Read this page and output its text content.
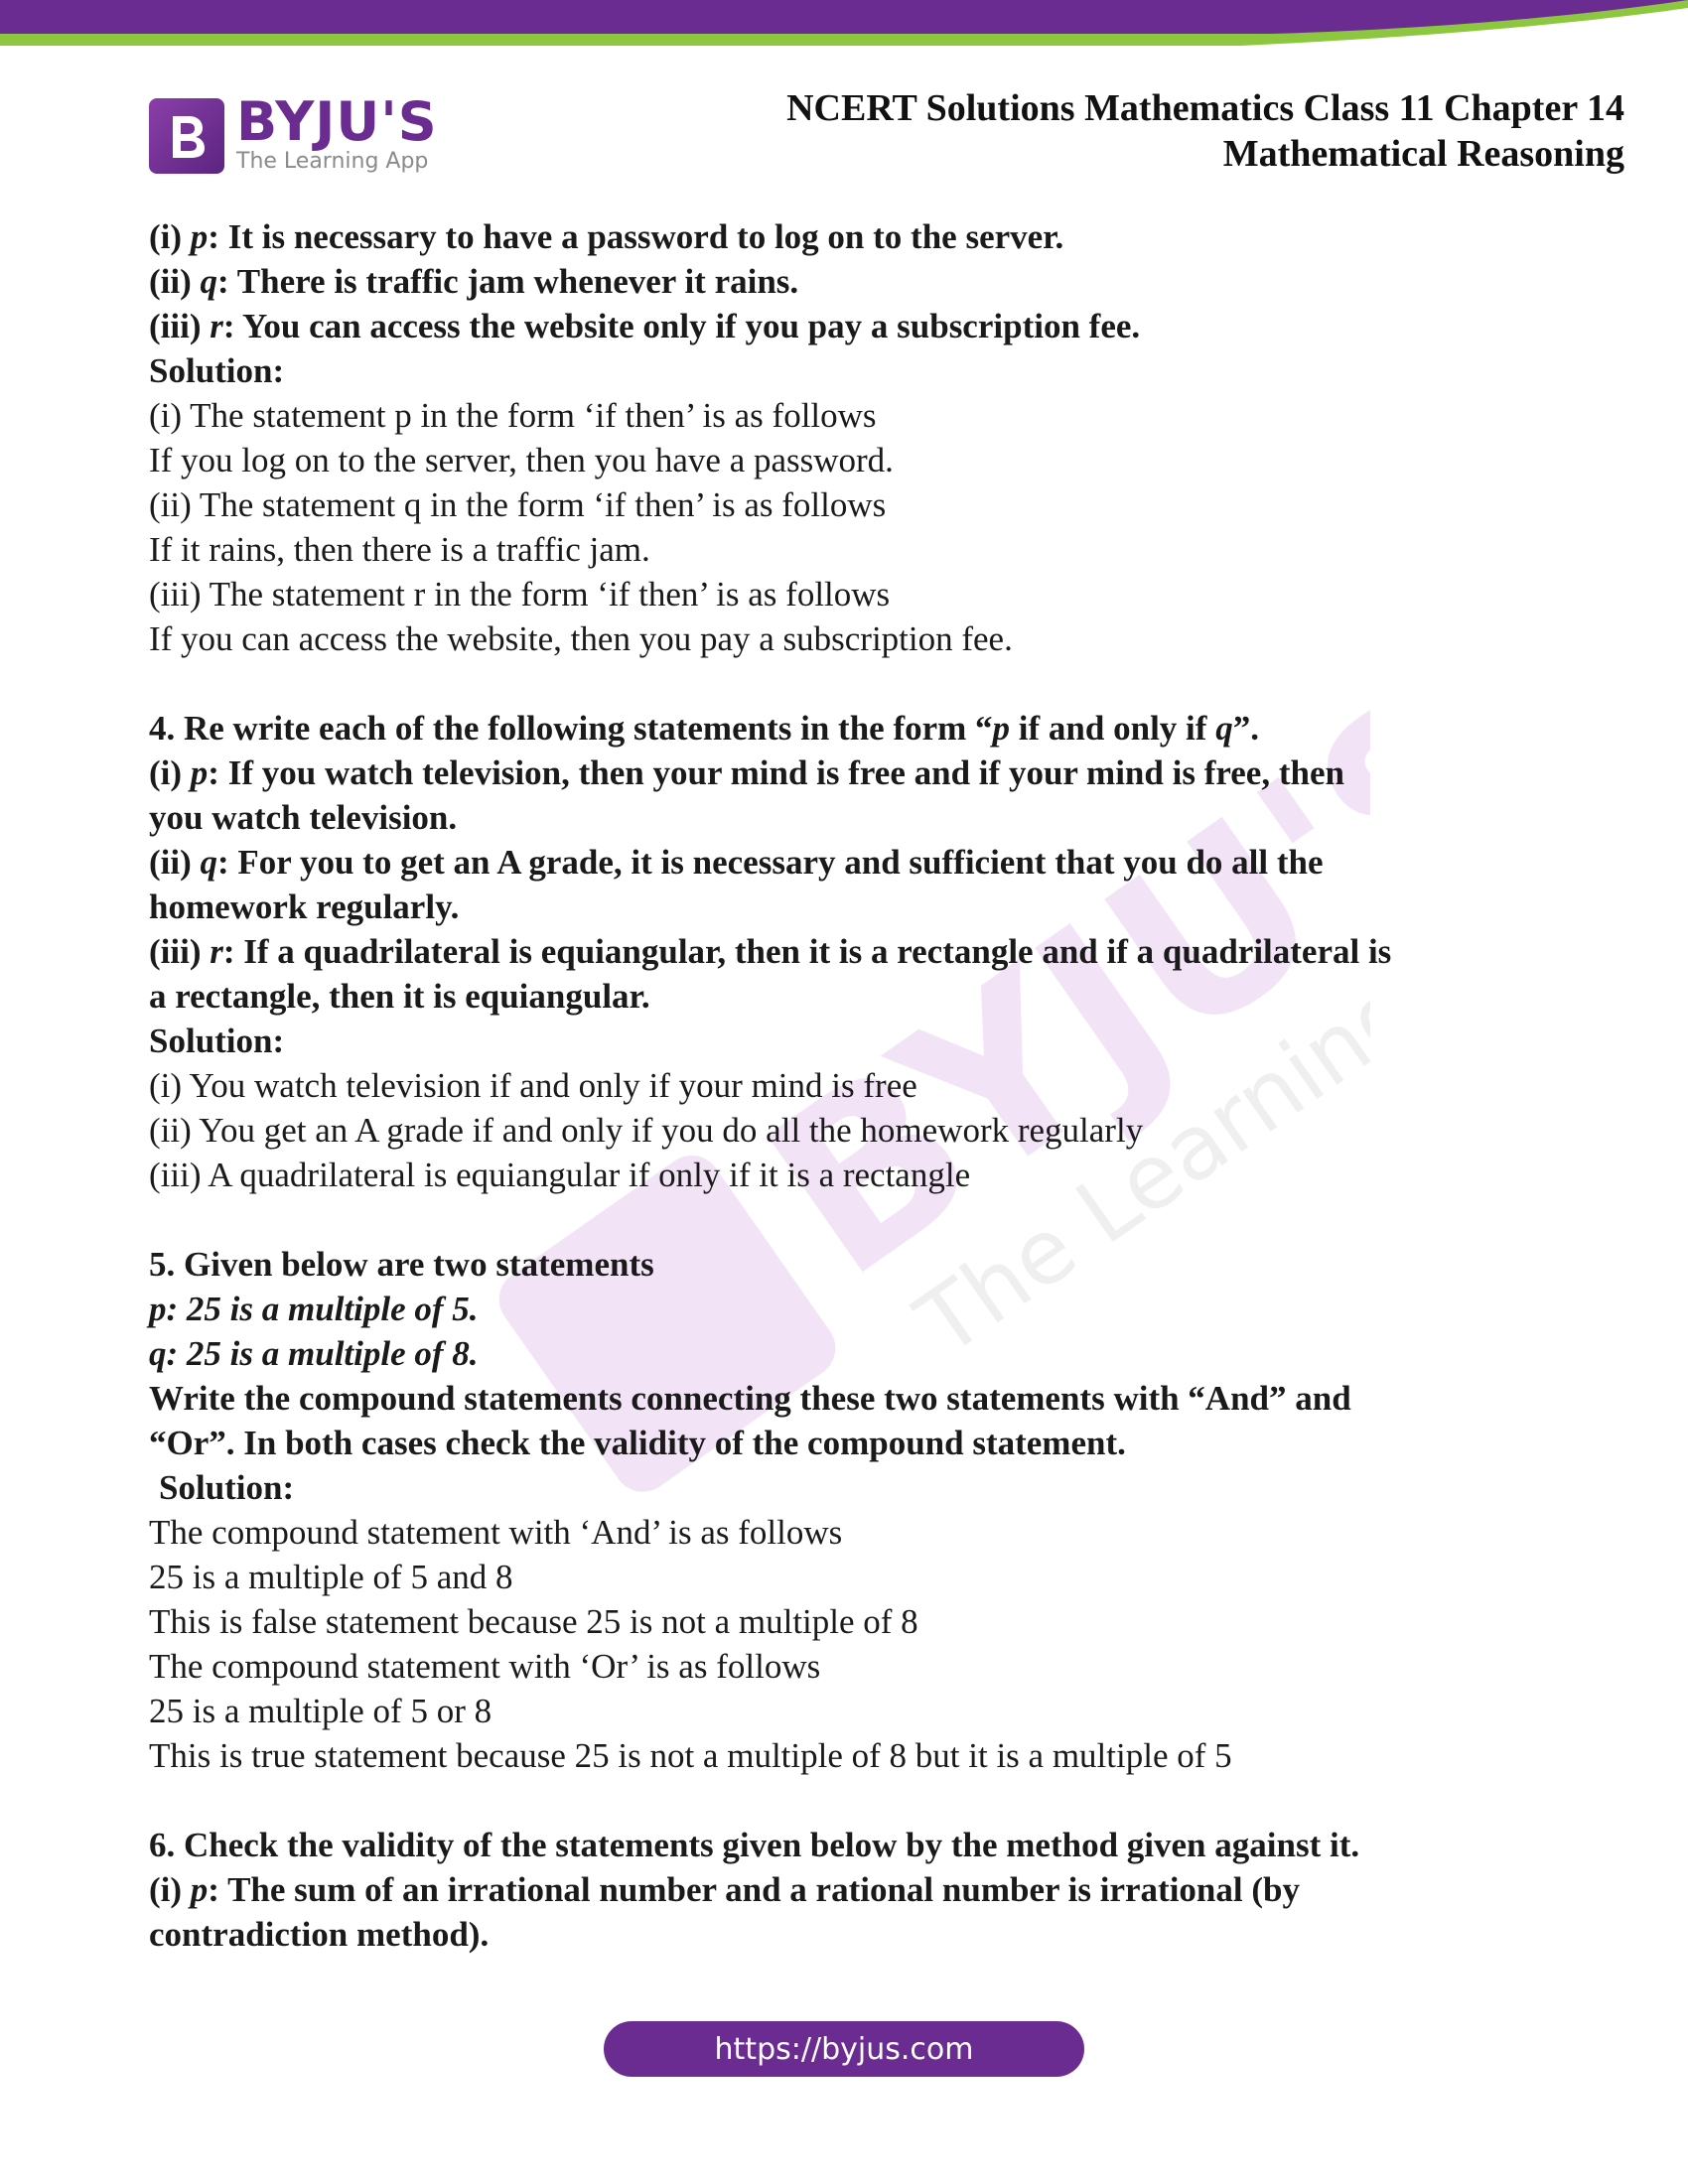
BYJU'S
The Learning App
NCERT Solutions Mathematics Class 11 Chapter 14
Mathematical Reasoning
BYJU'S
The Learning

(i) p: It is necessary to have a password to log on to the server.

(ii) q: There is traffic jam whenever it rains.

(iii) r: You can access the website only if you pay a subscription fee.

Solution:

(i) The statement p in the form ‘if then’ is as follows

If you log on to the server, then you have a password.

(ii) The statement q in the form ‘if then’ is as follows

If it rains, then there is a traffic jam.

(iii) The statement r in the form ‘if then’ is as follows

If you can access the website, then you pay a subscription fee.

4. Re write each of the following statements in the form “p if and only if q”.

(i) p: If you watch television, then your mind is free and if your mind is free, then

you watch television.

(ii) q: For you to get an A grade, it is necessary and sufficient that you do all the

homework regularly.

(iii) r: If a quadrilateral is equiangular, then it is a rectangle and if a quadrilateral is

a rectangle, then it is equiangular.

Solution:

(i) You watch television if and only if your mind is free

(ii) You get an A grade if and only if you do all the homework regularly

(iii) A quadrilateral is equiangular if only if it is a rectangle

5. Given below are two statements

p: 25 is a multiple of 5.

q: 25 is a multiple of 8.

Write the compound statements connecting these two statements with “And” and

“Or”. In both cases check the validity of the compound statement.

Solution:

The compound statement with ‘And’ is as follows

25 is a multiple of 5 and 8

This is false statement because 25 is not a multiple of 8

The compound statement with ‘Or’ is as follows

25 is a multiple of 5 or 8

This is true statement because 25 is not a multiple of 8 but it is a multiple of 5

6. Check the validity of the statements given below by the method given against it.

(i) p: The sum of an irrational number and a rational number is irrational (by

contradiction method).

https://byjus.com
